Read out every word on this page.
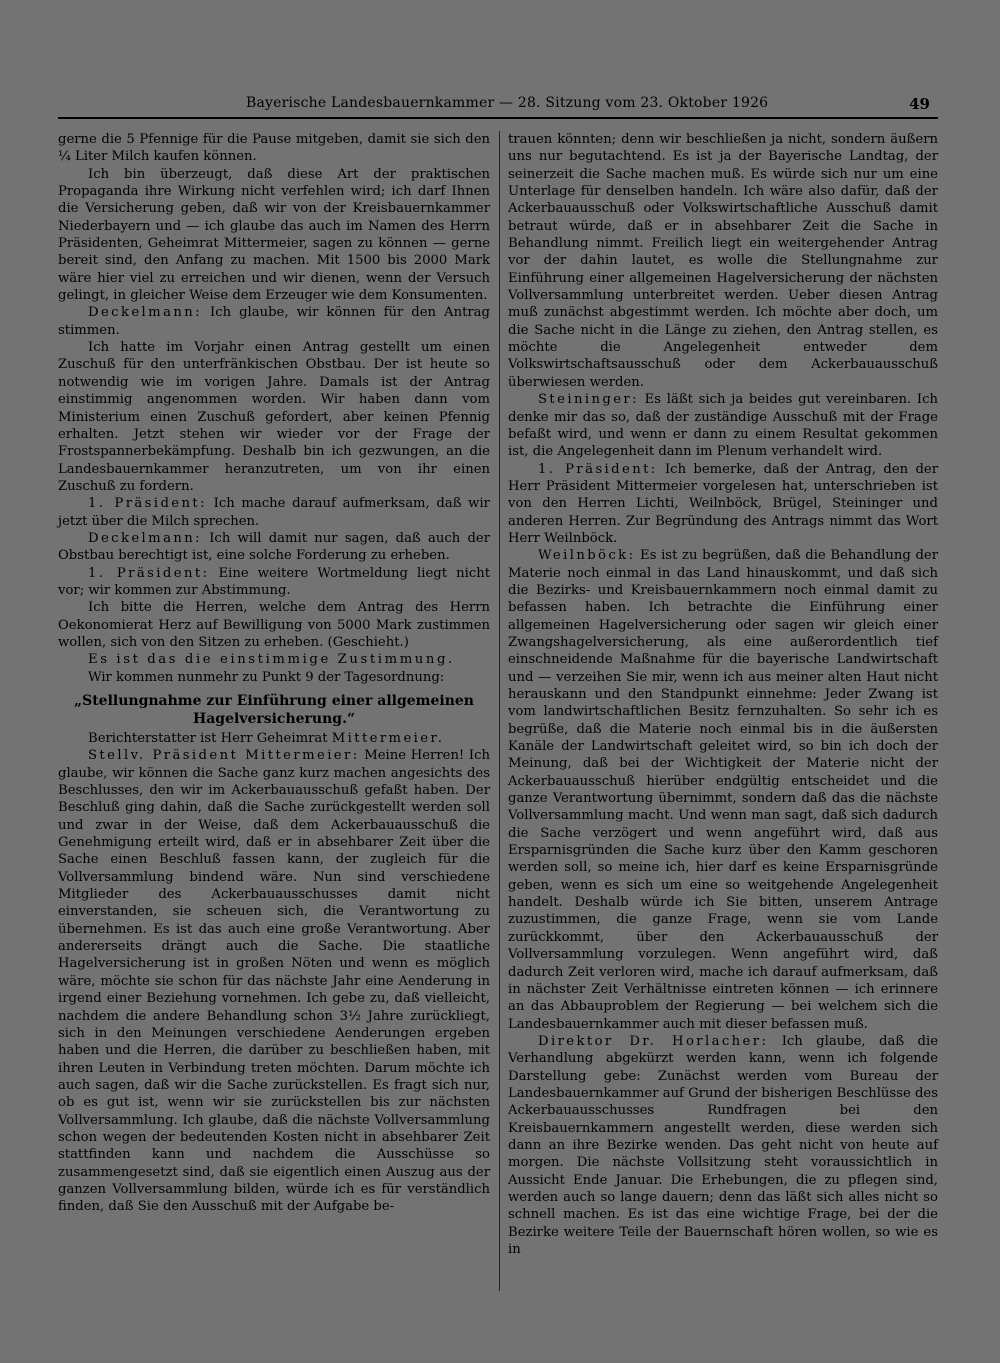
Bayerische Landesbauernkammer — 28. Sitzung vom 23. Oktober 1926	49

gerne die 5 Pfennige für die Pause mitgeben, damit sie sich den ¼ Liter Milch kaufen können.

Ich bin überzeugt, daß diese Art der praktischen Propaganda ihre Wirkung nicht verfehlen wird; ich darf Ihnen die Versicherung geben, daß wir von der Kreisbauernkammer Niederbayern und — ich glaube das auch im Namen des Herrn Präsidenten, Geheimrat Mittermeier, sagen zu können — gerne bereit sind, den Anfang zu machen. Mit 1500 bis 2000 Mark wäre hier viel zu erreichen und wir dienen, wenn der Versuch gelingt, in gleicher Weise dem Erzeuger wie dem Konsumenten.

Deckelmann: Ich glaube, wir können für den Antrag stimmen.

Ich hatte im Vorjahr einen Antrag gestellt um einen Zuschuß für den unterfränkischen Obstbau. Der ist heute so notwendig wie im vorigen Jahre. Damals ist der Antrag einstimmig angenommen worden. Wir haben dann vom Ministerium einen Zuschuß gefordert, aber keinen Pfennig erhalten. Jetzt stehen wir wieder vor der Frage der Frostspannerbekämpfung. Deshalb bin ich gezwungen, an die Landesbauernkammer heranzutreten, um von ihr einen Zuschuß zu fordern.

1. Präsident: Ich mache darauf aufmerksam, daß wir jetzt über die Milch sprechen.

Deckelmann: Ich will damit nur sagen, daß auch der Obstbau berechtigt ist, eine solche Forderung zu erheben.

1. Präsident: Eine weitere Wortmeldung liegt nicht vor; wir kommen zur Abstimmung.

Ich bitte die Herren, welche dem Antrag des Herrn Oekonomierat Herz auf Bewilligung von 5000 Mark zustimmen wollen, sich von den Sitzen zu erheben. (Geschieht.)

Es ist das die einstimmige Zustimmung.

Wir kommen nunmehr zu Punkt 9 der Tagesordnung:

„Stellungnahme zur Einführung einer allgemeinen Hagelversicherung.“

Berichterstatter ist Herr Geheimrat Mittermeier.

Stellv. Präsident Mittermeier: Meine Herren! Ich glaube, wir können die Sache ganz kurz machen angesichts des Beschlusses, den wir im Ackerbauausschuß gefaßt haben. Der Beschluß ging dahin, daß die Sache zurückgestellt werden soll und zwar in der Weise, daß dem Ackerbauausschuß die Genehmigung erteilt wird, daß er in absehbarer Zeit über die Sache einen Beschluß fassen kann, der zugleich für die Vollversammlung bindend wäre. Nun sind verschiedene Mitglieder des Ackerbauausschusses damit nicht einverstanden, sie scheuen sich, die Verantwortung zu übernehmen. Es ist das auch eine große Verantwortung. Aber andererseits drängt auch die Sache. Die staatliche Hagelversicherung ist in großen Nöten und wenn es möglich wäre, möchte sie schon für das nächste Jahr eine Aenderung in irgend einer Beziehung vornehmen. Ich gebe zu, daß vielleicht, nachdem die andere Behandlung schon 3½ Jahre zurückliegt, sich in den Meinungen verschiedene Aenderungen ergeben haben und die Herren, die darüber zu beschließen haben, mit ihren Leuten in Verbindung treten möchten. Darum möchte ich auch sagen, daß wir die Sache zurückstellen. Es fragt sich nur, ob es gut ist, wenn wir sie zurückstellen bis zur nächsten Vollversammlung. Ich glaube, daß die nächste Vollversammlung schon wegen der bedeutenden Kosten nicht in absehbarer Zeit stattfinden kann und nachdem die Ausschüsse so zusammengesetzt sind, daß sie eigentlich einen Auszug aus der ganzen Vollversammlung bilden, würde ich es für verständlich finden, daß Sie den Ausschuß mit der Aufgabe be-

trauen könnten; denn wir beschließen ja nicht, sondern äußern uns nur begutachtend. Es ist ja der Bayerische Landtag, der seinerzeit die Sache machen muß. Es würde sich nur um eine Unterlage für denselben handeln. Ich wäre also dafür, daß der Ackerbauausschuß oder Volkswirtschaftliche Ausschuß damit betraut würde, daß er in absehbarer Zeit die Sache in Behandlung nimmt. Freilich liegt ein weitergehender Antrag vor der dahin lautet, es wolle die Stellungnahme zur Einführung einer allgemeinen Hagelversicherung der nächsten Vollversammlung unterbreitet werden. Ueber diesen Antrag muß zunächst abgestimmt werden. Ich möchte aber doch, um die Sache nicht in die Länge zu ziehen, den Antrag stellen, es möchte die Angelegenheit entweder dem Volkswirtschaftsausschuß oder dem Ackerbauausschuß überwiesen werden.

Steininger: Es läßt sich ja beides gut vereinbaren. Ich denke mir das so, daß der zuständige Ausschuß mit der Frage befaßt wird, und wenn er dann zu einem Resultat gekommen ist, die Angelegenheit dann im Plenum verhandelt wird.

1. Präsident: Ich bemerke, daß der Antrag, den der Herr Präsident Mittermeier vorgelesen hat, unterschrieben ist von den Herren Lichti, Weilnböck, Brügel, Steininger und anderen Herren. Zur Begründung des Antrags nimmt das Wort Herr Weilnböck.

Weilnböck: Es ist zu begrüßen, daß die Behandlung der Materie noch einmal in das Land hinauskommt, und daß sich die Bezirks- und Kreisbauernkammern noch einmal damit zu befassen haben. Ich betrachte die Einführung einer allgemeinen Hagelversicherung oder sagen wir gleich einer Zwangshagelversicherung, als eine außerordentlich tief einschneidende Maßnahme für die bayerische Landwirtschaft und — verzeihen Sie mir, wenn ich aus meiner alten Haut nicht herauskann und den Standpunkt einnehme: Jeder Zwang ist vom landwirtschaftlichen Besitz fernzuhalten. So sehr ich es begrüße, daß die Materie noch einmal bis in die äußersten Kanäle der Landwirtschaft geleitet wird, so bin ich doch der Meinung, daß bei der Wichtigkeit der Materie nicht der Ackerbauausschuß hierüber endgültig entscheidet und die ganze Verantwortung übernimmt, sondern daß das die nächste Vollversammlung macht. Und wenn man sagt, daß sich dadurch die Sache verzögert und wenn angeführt wird, daß aus Ersparnisgründen die Sache kurz über den Kamm geschoren werden soll, so meine ich, hier darf es keine Ersparnisgründe geben, wenn es sich um eine so weitgehende Angelegenheit handelt. Deshalb würde ich Sie bitten, unserem Antrage zuzustimmen, die ganze Frage, wenn sie vom Lande zurückkommt, über den Ackerbauausschuß der Vollversammlung vorzulegen. Wenn angeführt wird, daß dadurch Zeit verloren wird, mache ich darauf aufmerksam, daß in nächster Zeit Verhältnisse eintreten können — ich erinnere an das Abbauproblem der Regierung — bei welchem sich die Landesbauernkammer auch mit dieser befassen muß.

Direktor Dr. Horlacher: Ich glaube, daß die Verhandlung abgekürzt werden kann, wenn ich folgende Darstellung gebe: Zunächst werden vom Bureau der Landesbauernkammer auf Grund der bisherigen Beschlüsse des Ackerbauausschusses Rundfragen bei den Kreisbauernkammern angestellt werden, diese werden sich dann an ihre Bezirke wenden. Das geht nicht von heute auf morgen. Die nächste Vollsitzung steht voraussichtlich in Aussicht Ende Januar. Die Erhebungen, die zu pflegen sind, werden auch so lange dauern; denn das läßt sich alles nicht so schnell machen. Es ist das eine wichtige Frage, bei der die Bezirke weitere Teile der Bauernschaft hören wollen, so wie es in
